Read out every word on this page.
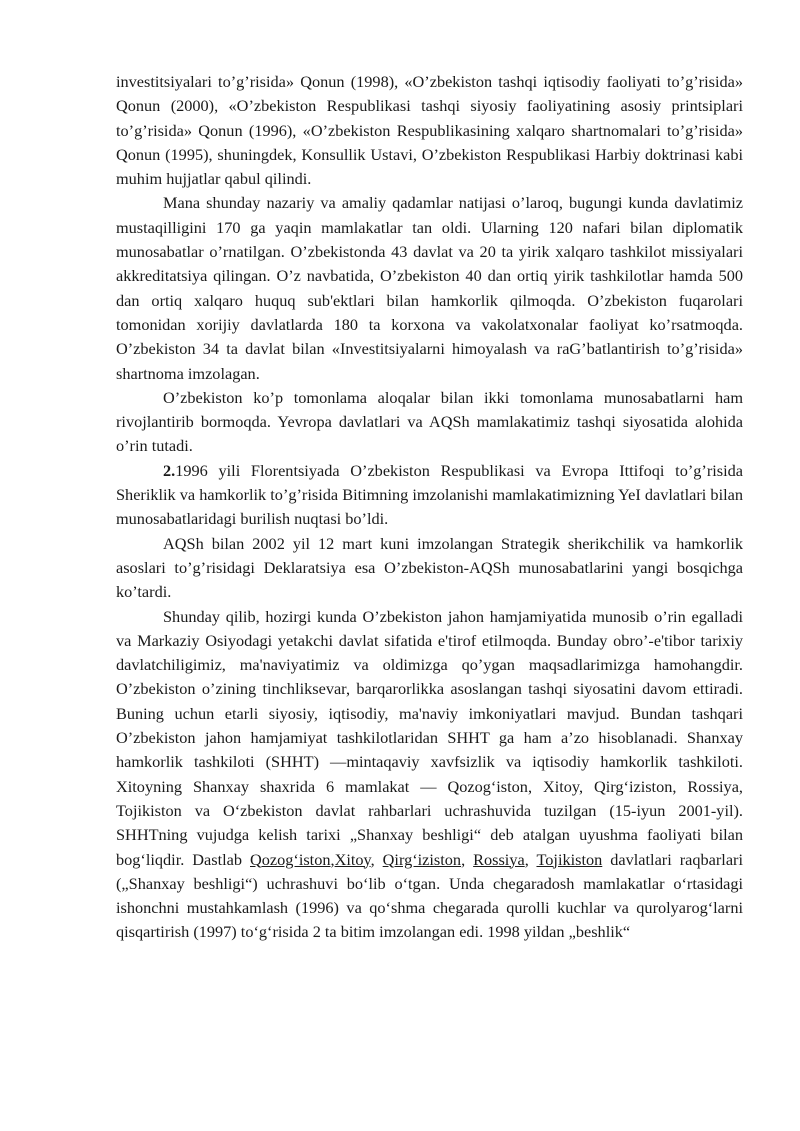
investitsiyalari to’g’risida» Qonun (1998), «O’zbekiston tashqi iqtisodiy faoliyati to’g’risida» Qonun (2000), «O’zbekiston Respublikasi tashqi siyosiy faoliyatining asosiy printsiplari to’g’risida» Qonun (1996), «O’zbekiston Respublikasining xalqaro shartnomalari to’g’risida» Qonun (1995), shuningdek, Konsullik Ustavi, O’zbekiston Respublikasi Harbiy doktrinasi kabi muhim hujjatlar qabul qilindi.

Mana shunday nazariy va amaliy qadamlar natijasi o’laroq, bugungi kunda davlatimiz mustaqilligini 170 ga yaqin mamlakatlar tan oldi. Ularning 120 nafari bilan diplomatik munosabatlar o’rnatilgan. O’zbekistonda 43 davlat va 20 ta yirik xalqaro tashkilot missiyalari akkreditatsiya qilingan. O’z navbatida, O’zbekiston 40 dan ortiq yirik tashkilotlar hamda 500 dan ortiq xalqaro huquq sub'ektlari bilan hamkorlik qilmoqda. O’zbekiston fuqarolari tomonidan xorijiy davlatlarda 180 ta korxona va vakolatxonalar faoliyat ko’rsatmoqda. O’zbekiston 34 ta davlat bilan «Investitsiyalarni himoyalash va raG’batlantirish to’g’risida» shartnoma imzolagan.

O’zbekiston ko’p tomonlama aloqalar bilan ikki tomonlama munosabatlarni ham rivojlantirib bormoqda. Yevropa davlatlari va AQSh mamlakatimiz tashqi siyosatida alohida o’rin tutadi.

2.1996 yili Florentsiyada O’zbekiston Respublikasi va Evropa Ittifoqi to’g’risida Sheriklik va hamkorlik to’g’risida Bitimning imzolanishi mamlakatimizning YeI davlatlari bilan munosabatlaridagi burilish nuqtasi bo’ldi.

AQSh bilan 2002 yil 12 mart kuni imzolangan Strategik sherikchilik va hamkorlik asoslari to’g’risidagi Deklaratsiya esa O’zbekiston-AQSh munosabatlarini yangi bosqichga ko’tardi.

Shunday qilib, hozirgi kunda O’zbekiston jahon hamjamiyatida munosib o’rin egalladi va Markaziy Osiyodagi yetakchi davlat sifatida e'tirof etilmoqda. Bunday obro’-e'tibor tarixiy davlatchiligimiz, ma'naviyatimiz va oldimizga qo’ygan maqsadlarimizga hamohangdir. O’zbekiston o’zining tinchliksevar, barqarorlikka asoslangan tashqi siyosatini davom ettiradi. Buning uchun etarli siyosiy, iqtisodiy, ma'naviy imkoniyatlari mavjud. Bundan tashqari O’zbekiston jahon hamjamiyat tashkilotlaridan SHHT ga ham a’zo hisoblanadi. Shanxay hamkorlik tashkiloti (SHHT) —mintaqaviy xavfsizlik va iqtisodiy hamkorlik tashkiloti. Xitoyning Shanxay shaxrida 6 mamlakat — Qozog‘iston, Xitoy, Qirg‘iziston, Rossiya, Tojikiston va O‘zbekiston davlat rahbarlari uchrashuvida tuzilgan (15-iyun 2001-yil). SHHTning vujudga kelish tarixi „Shanxay beshligi“ deb atalgan uyushma faoliyati bilan bog‘liqdir. Dastlab Qozog‘iston,Xitoy, Qirg‘iziston, Rossiya, Tojikiston davlatlari raqbarlari („Shanxay beshligi“) uchrashuvi bo‘lib o‘tgan. Unda chegaradosh mamlakatlar o‘rtasidagi ishonchni mustahkamlash (1996) va qo‘shma chegarada qurolli kuchlar va qurolyarog‘larni qisqartirish (1997) to‘g‘risida 2 ta bitim imzolangan edi. 1998 yildan „beshlik“
